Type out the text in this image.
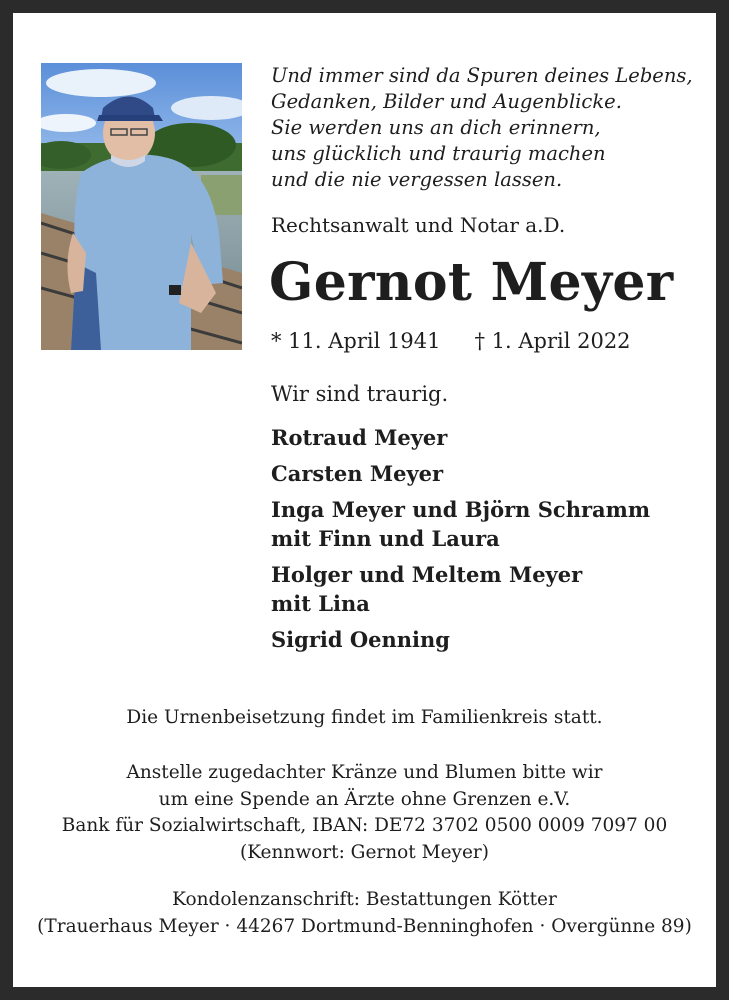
Und immer sind da Spuren deines Lebens,
Gedanken, Bilder und Augenblicke.
Sie werden uns an dich erinnern,
uns glücklich und traurig machen
und die nie vergessen lassen.
Rechtsanwalt und Notar a.D.
Gernot Meyer
* 11. April 1941 † 1. April 2022
Wir sind traurig.
Rotraud Meyer
Carsten Meyer
Inga Meyer und Björn Schramm
mit Finn und Laura
Holger und Meltem Meyer
mit Lina
Sigrid Oenning
Die Urnenbeisetzung findet im Familienkreis statt.
Anstelle zugedachter Kränze und Blumen bitte wir
um eine Spende an Ärzte ohne Grenzen e.V.
Bank für Sozialwirtschaft, IBAN: DE72 3702 0500 0009 7097 00
(Kennwort: Gernot Meyer)
Kondolenzanschrift: Bestattungen Kötter
(Trauerhaus Meyer · 44267 Dortmund-Benninghofen · Overgünne 89)
